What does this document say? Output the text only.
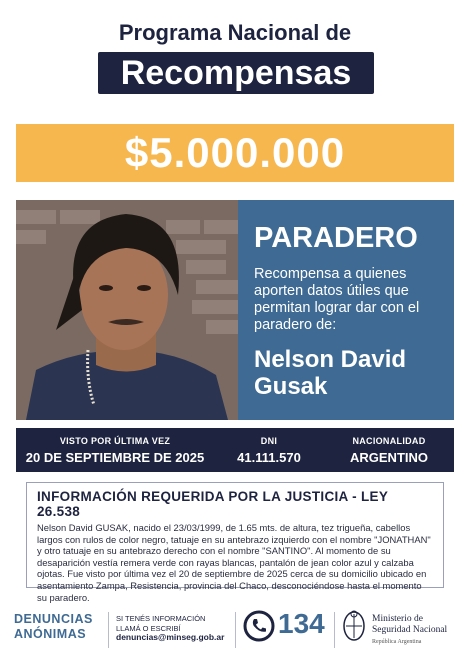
Programa Nacional de
Recompensas
$5.000.000
PARADERO
Recompensa a quienes aporten datos útiles que permitan lograr dar con el paradero de:
Nelson David Gusak
VISTO POR ÚLTIMA VEZ
20 DE SEPTIEMBRE DE 2025
DNI
41.111.570
NACIONALIDAD
ARGENTINO
INFORMACIÓN REQUERIDA POR LA JUSTICIA - LEY 26.538
Nelson David GUSAK, nacido el 23/03/1999, de 1.65 mts. de altura, tez trigueña, cabellos largos con rulos de color negro, tatuaje en su antebrazo izquierdo con el nombre "JONATHAN" y otro tatuaje en su antebrazo derecho con el nombre "SANTINO". Al momento de su desaparición vestía remera verde con rayas blancas, pantalón de jean color azul y calzaba ojotas. Fue visto por última vez el 20 de septiembre de 2025 cerca de su domicilio ubicado en asentamiento Zampa, Resistencia, provincia del Chaco, desconociéndose hasta el momento su paradero.
DENUNCIAS
ANÓNIMAS
SI TENÉS INFORMACIÓN
LLAMÁ O ESCRIBÍ
denuncias@minseg.gob.ar 134	Ministerio de
Seguridad Nacional
República Argentina
